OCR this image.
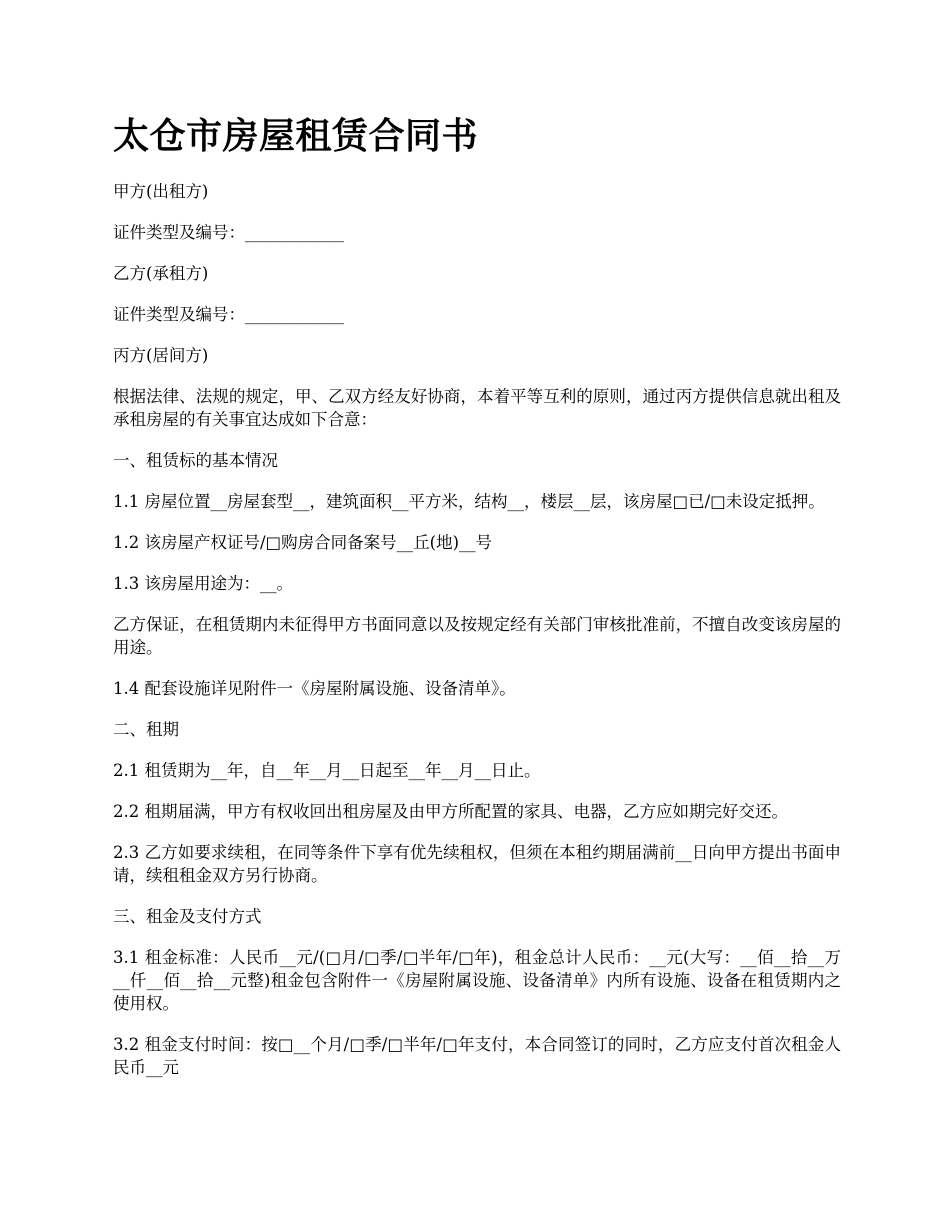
太仓市房屋租赁合同书

甲方(出租方)

证件类型及编号：____________

乙方(承租方)

证件类型及编号：____________

丙方(居间方)

根据法律、法规的规定，甲、乙双方经友好协商，本着平等互利的原则，通过丙方提供信息就出租及承租房屋的有关事宜达成如下合意：

一、租赁标的基本情况

1.1 房屋位置__房屋套型__，建筑面积__平方米，结构__，楼层__层，该房屋□已/□未设定抵押。

1.2 该房屋产权证号/□购房合同备案号__丘(地)__号

1.3 该房屋用途为：__。

乙方保证，在租赁期内未征得甲方书面同意以及按规定经有关部门审核批准前，不擅自改变该房屋的用途。

1.4 配套设施详见附件一《房屋附属设施、设备清单》。

二、租期

2.1 租赁期为__年，自__年__月__日起至__年__月__日止。

2.2 租期届满，甲方有权收回出租房屋及由甲方所配置的家具、电器，乙方应如期完好交还。

2.3 乙方如要求续租，在同等条件下享有优先续租权，但须在本租约期届满前__日向甲方提出书面申请，续租租金双方另行协商。

三、租金及支付方式

3.1 租金标准：人民币__元/(□月/□季/□半年/□年)，租金总计人民币：__元(大写：__佰__拾__万__仟__佰__拾__元整)租金包含附件一《房屋附属设施、设备清单》内所有设施、设备在租赁期内之使用权。

3.2 租金支付时间：按□__个月/□季/□半年/□年支付，本合同签订的同时，乙方应支付首次租金人民币__元
